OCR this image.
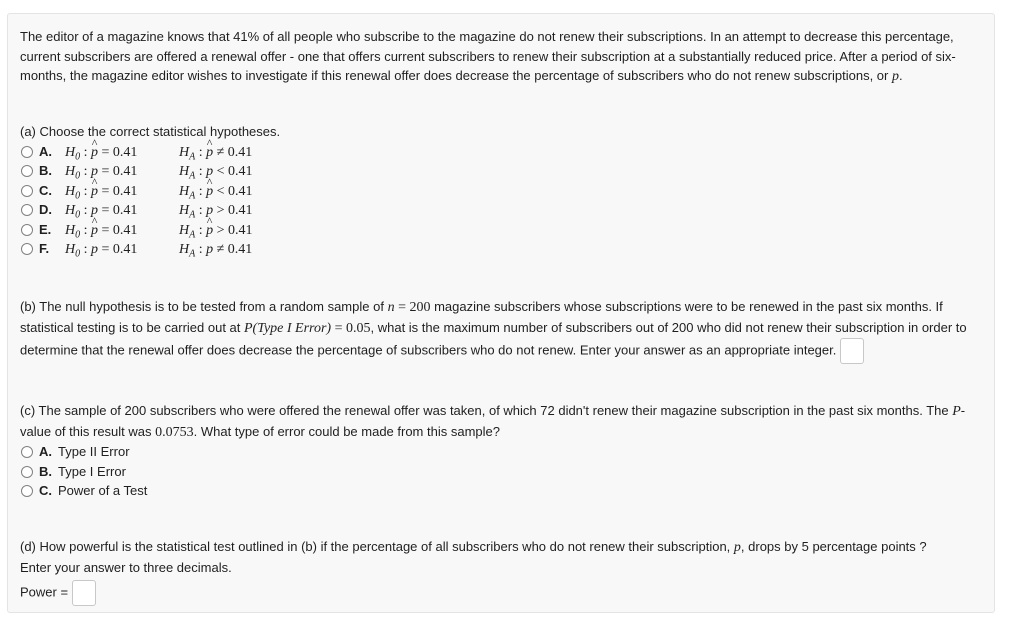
The editor of a magazine knows that 41% of all people who subscribe to the magazine do not renew their subscriptions. In an attempt to decrease this percentage, current subscribers are offered a renewal offer - one that offers current subscribers to renew their subscription at a substantially reduced price. After a period of six-months, the magazine editor wishes to investigate if this renewal offer does decrease the percentage of subscribers who do not renew subscriptions, or p.

(a) Choose the correct statistical hypotheses.

A. $H_0$ : ^ p = 0.41	$H_A$ : ^ p ≠ 0.41
B. $H_0$ : p = 0.41	$H_A$ : p < 0.41
C. $H_0$ : ^ p = 0.41	$H_A$ : ^ p < 0.41
D. $H_0$ : p = 0.41	$H_A$ : p > 0.41
E. $H_0$ : ^ p = 0.41	$H_A$ : ^ p > 0.41
F. $H_0$ : p = 0.41	$H_A$ : p ≠ 0.41

(b) The null hypothesis is to be tested from a random sample of n = 200 magazine subscribers whose subscriptions were to be renewed in the past six months. If statistical testing is to be carried out at P(Type I Error) = 0.05, what is the maximum number of subscribers out of 200 who did not renew their subscription in order to determine that the renewal offer does decrease the percentage of subscribers who do not renew. Enter your answer as an appropriate integer.

(c) The sample of 200 subscribers who were offered the renewal offer was taken, of which 72 didn't renew their magazine subscription in the past six months. The P-value of this result was 0.0753. What type of error could be made from this sample?

A. Type II Error
B. Type I Error
C. Power of a Test

(d) How powerful is the statistical test outlined in (b) if the percentage of all subscribers who do not renew their subscription, p, drops by 5 percentage points ?

Enter your answer to three decimals.

Power =
